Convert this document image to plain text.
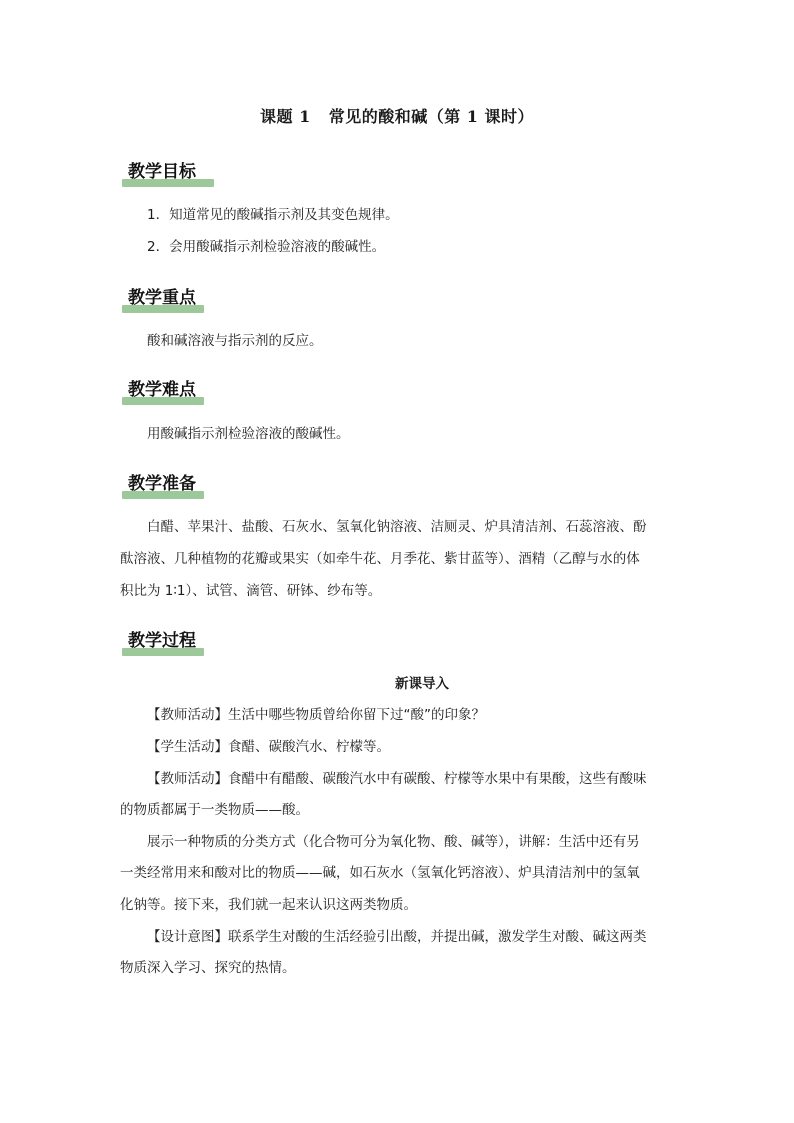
课题 1 常见的酸和碱（第 1 课时）
教学目标
1．知道常见的酸碱指示剂及其变色规律。
2．会用酸碱指示剂检验溶液的酸碱性。
教学重点
酸和碱溶液与指示剂的反应。
教学难点
用酸碱指示剂检验溶液的酸碱性。
教学准备
白醋、苹果汁、盐酸、石灰水、氢氧化钠溶液、洁厕灵、炉具清洁剂、石蕊溶液、酚
酞溶液、几种植物的花瓣或果实（如牵牛花、月季花、紫甘蓝等）、酒精（乙醇与水的体
积比为 1∶1）、试管、滴管、研钵、纱布等。
教学过程
新课导入
【教师活动】生活中哪些物质曾给你留下过“酸”的印象？
【学生活动】食醋、碳酸汽水、柠檬等。
【教师活动】食醋中有醋酸、碳酸汽水中有碳酸、柠檬等水果中有果酸，这些有酸味
的物质都属于一类物质——酸。
展示一种物质的分类方式（化合物可分为氧化物、酸、碱等），讲解：生活中还有另
一类经常用来和酸对比的物质——碱，如石灰水（氢氧化钙溶液）、炉具清洁剂中的氢氧
化钠等。接下来，我们就一起来认识这两类物质。
【设计意图】联系学生对酸的生活经验引出酸，并提出碱，激发学生对酸、碱这两类
物质深入学习、探究的热情。
